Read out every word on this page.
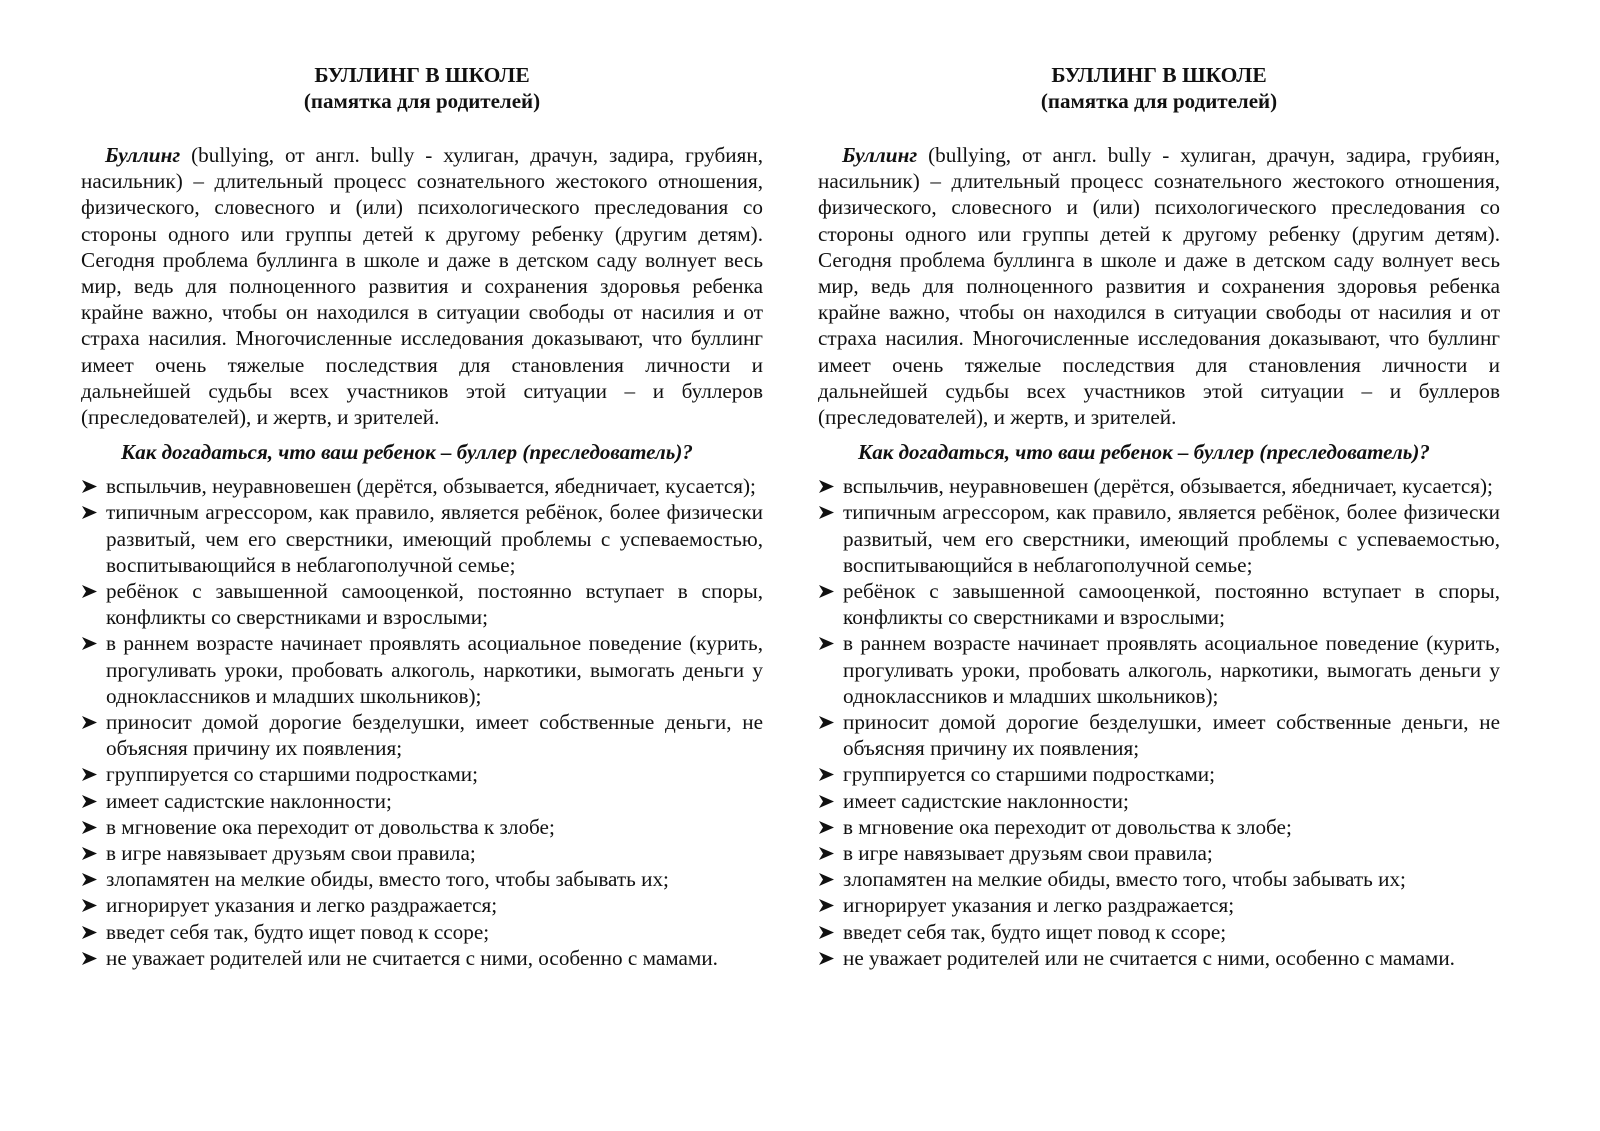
БУЛЛИНГ В ШКОЛЕ
(памятка для родителей)

Буллинг (bullying, от англ. bully - хулиган, драчун, задира, грубиян, насильник) – длительный процесс сознательного жестокого отношения, физического, словесного и (или) психологического преследования со стороны одного или группы детей к другому ребенку (другим детям). Сегодня проблема буллинга в школе и даже в детском саду волнует весь мир, ведь для полноценного развития и сохранения здоровья ребенка крайне важно, чтобы он находился в ситуации свободы от насилия и от страха насилия. Многочисленные исследования доказывают, что буллинг имеет очень тяжелые последствия для становления личности и дальнейшей судьбы всех участников этой ситуации – и буллеров (преследователей), и жертв, и зрителей.

Как догадаться, что ваш ребенок – буллер (преследователь)?

вспыльчив, неуравновешен (дерётся, обзывается, ябедничает, кусается);
типичным агрессором, как правило, является ребёнок, более физически развитый, чем его сверстники, имеющий проблемы с успеваемостью, воспитывающийся в неблагополучной семье;
ребёнок с завышенной самооценкой, постоянно вступает в споры, конфликты со сверстниками и взрослыми;
в раннем возрасте начинает проявлять асоциальное поведение (курить, прогуливать уроки, пробовать алкоголь, наркотики, вымогать деньги у одноклассников и младших школьников);
приносит домой дорогие безделушки, имеет собственные деньги, не объясняя причину их появления;
группируется со старшими подростками;
имеет садистские наклонности;
в мгновение ока переходит от довольства к злобе;
в игре навязывает друзьям свои правила;
злопамятен на мелкие обиды, вместо того, чтобы забывать их;
игнорирует указания и легко раздражается;
введет себя так, будто ищет повод к ссоре;
не уважает родителей или не считается с ними, особенно с мамами.
БУЛЛИНГ В ШКОЛЕ
(памятка для родителей)

Буллинг (bullying, от англ. bully - хулиган, драчун, задира, грубиян, насильник) – длительный процесс сознательного жестокого отношения, физического, словесного и (или) психологического преследования со стороны одного или группы детей к другому ребенку (другим детям). Сегодня проблема буллинга в школе и даже в детском саду волнует весь мир, ведь для полноценного развития и сохранения здоровья ребенка крайне важно, чтобы он находился в ситуации свободы от насилия и от страха насилия. Многочисленные исследования доказывают, что буллинг имеет очень тяжелые последствия для становления личности и дальнейшей судьбы всех участников этой ситуации – и буллеров (преследователей), и жертв, и зрителей.

Как догадаться, что ваш ребенок – буллер (преследователь)?

вспыльчив, неуравновешен (дерётся, обзывается, ябедничает, кусается);
типичным агрессором, как правило, является ребёнок, более физически развитый, чем его сверстники, имеющий проблемы с успеваемостью, воспитывающийся в неблагополучной семье;
ребёнок с завышенной самооценкой, постоянно вступает в споры, конфликты со сверстниками и взрослыми;
в раннем возрасте начинает проявлять асоциальное поведение (курить, прогуливать уроки, пробовать алкоголь, наркотики, вымогать деньги у одноклассников и младших школьников);
приносит домой дорогие безделушки, имеет собственные деньги, не объясняя причину их появления;
группируется со старшими подростками;
имеет садистские наклонности;
в мгновение ока переходит от довольства к злобе;
в игре навязывает друзьям свои правила;
злопамятен на мелкие обиды, вместо того, чтобы забывать их;
игнорирует указания и легко раздражается;
введет себя так, будто ищет повод к ссоре;
не уважает родителей или не считается с ними, особенно с мамами.
